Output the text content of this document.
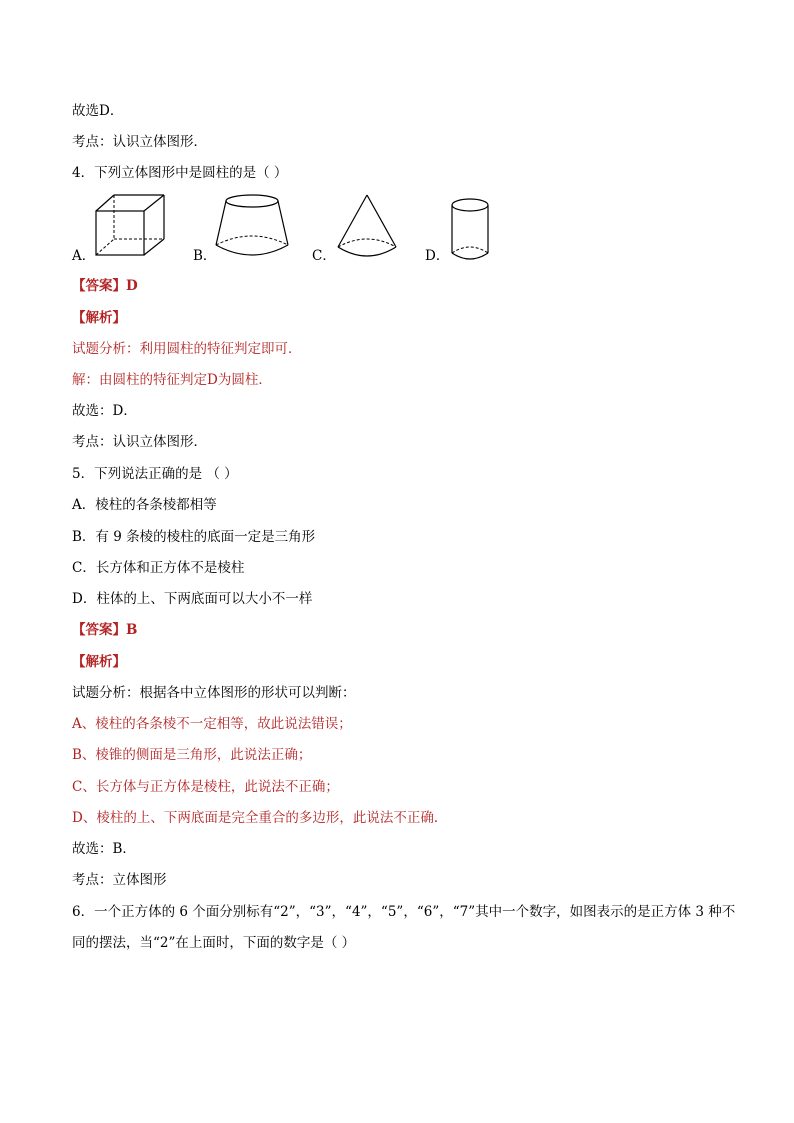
故选D．
考点：认识立体图形．
4．下列立体图形中是圆柱的是（ ）
A．	B．	C．	D．
【答案】D
【解析】
试题分析：利用圆柱的特征判定即可．
解：由圆柱的特征判定D为圆柱．
故选：D．
考点：认识立体图形．
5．下列说法正确的是 （ ）
A．棱柱的各条棱都相等
B．有 9 条棱的棱柱的底面一定是三角形
C．长方体和正方体不是棱柱
D．柱体的上、下两底面可以大小不一样
【答案】B
【解析】
试题分析：根据各中立体图形的形状可以判断：
A、棱柱的各条棱不一定相等，故此说法错误；
B、棱锥的侧面是三角形，此说法正确；
C、长方体与正方体是棱柱，此说法不正确；
D、棱柱的上、下两底面是完全重合的多边形，此说法不正确．
故选：B．
考点：立体图形
6．一个正方体的 6 个面分别标有“2”，“3”，“4”，“5”，“6”，“7”其中一个数字，如图表示的是正方体 3 种不
同的摆法，当“2”在上面时，下面的数字是（ ）
